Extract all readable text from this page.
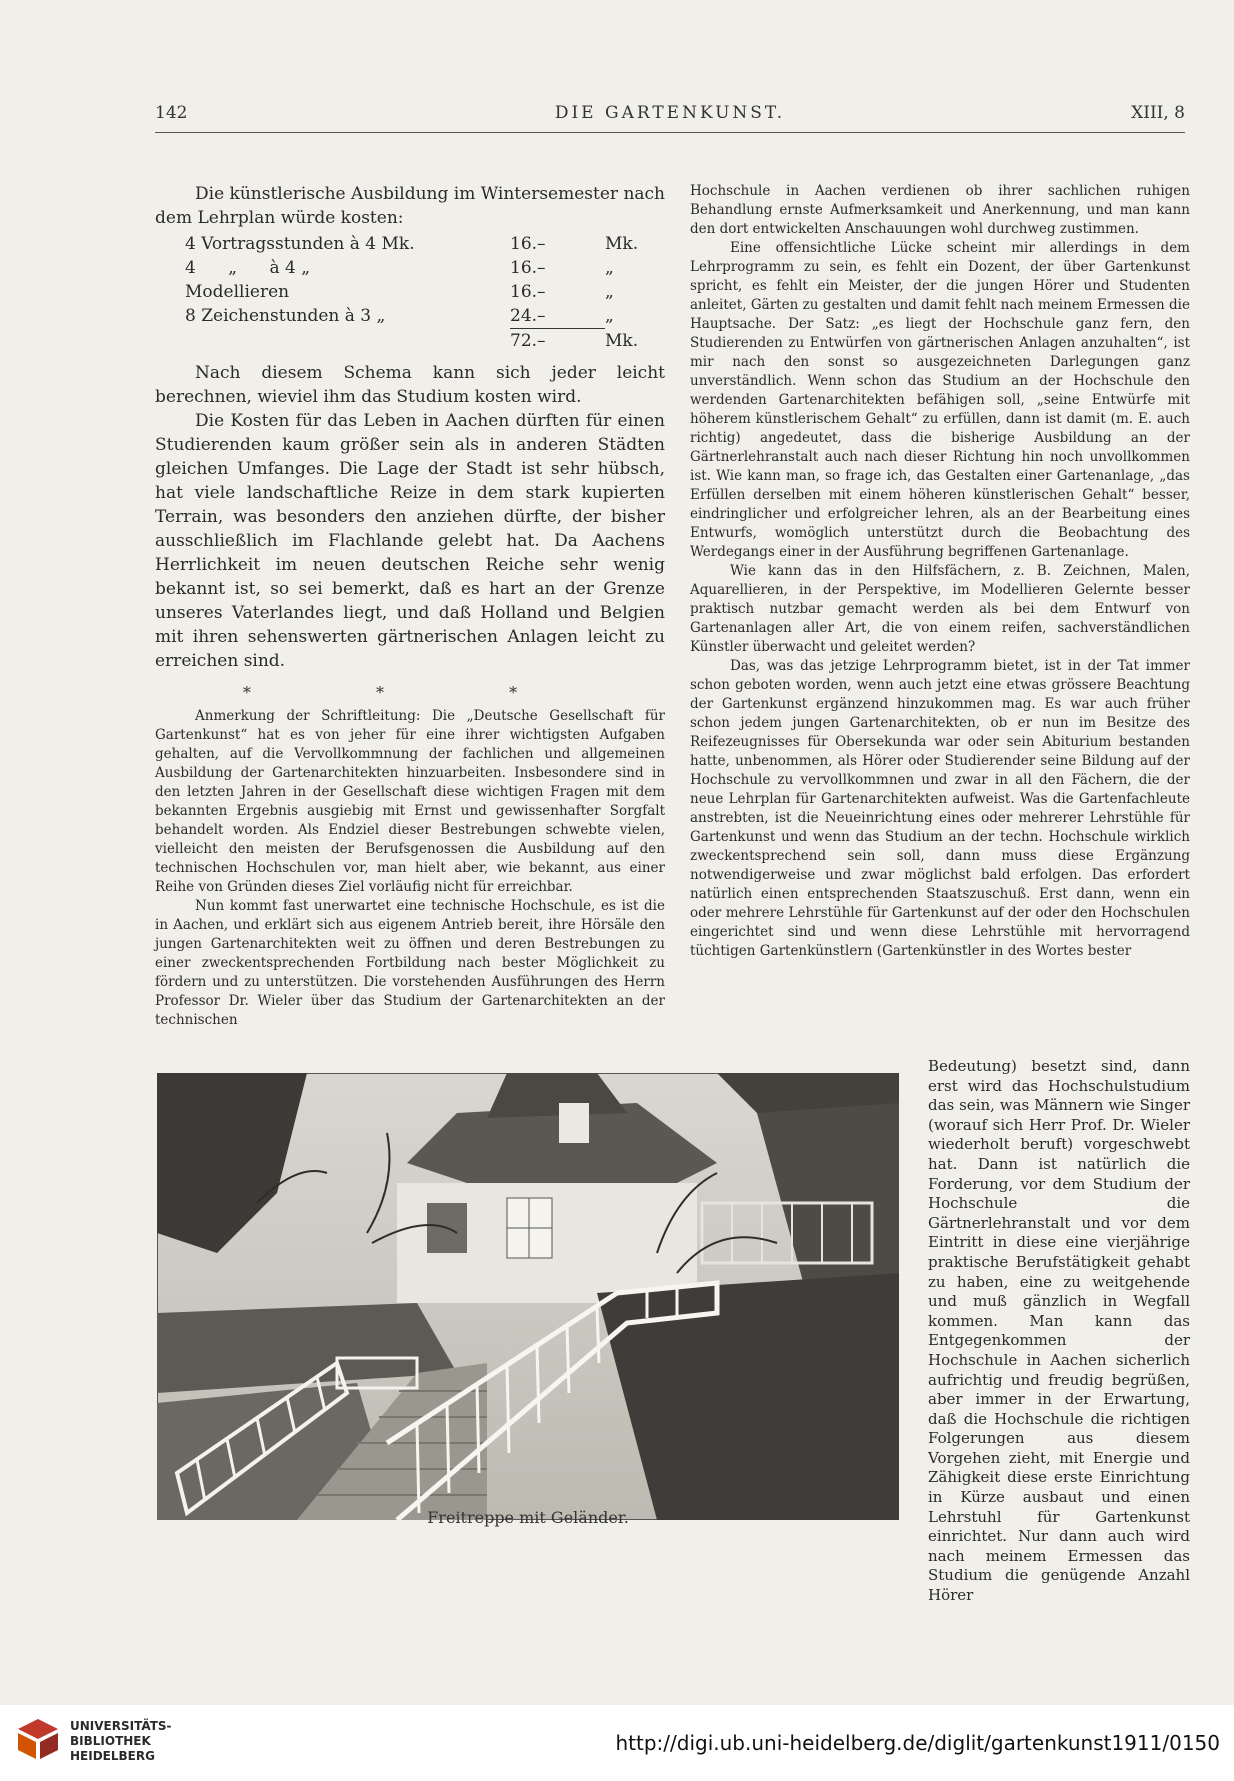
142	DIE GARTENKUNST.	XIII, 8

Die künstlerische Ausbildung im Wintersemester nach dem Lehrplan würde kosten:

4 Vortragsstunden à 4 Mk.	16.–	Mk.
4      „      à 4 „	16.–	„
Modellieren	16.–	„
8 Zeichenstunden à 3 „	24.–	„
	72.–	Mk.

Nach diesem Schema kann sich jeder leicht berechnen, wieviel ihm das Studium kosten wird.

Die Kosten für das Leben in Aachen dürften für einen Studierenden kaum größer sein als in anderen Städten gleichen Umfanges. Die Lage der Stadt ist sehr hübsch, hat viele landschaftliche Reize in dem stark kupierten Terrain, was besonders den anziehen dürfte, der bisher ausschließlich im Flachlande gelebt hat. Da Aachens Herrlichkeit im neuen deutschen Reiche sehr wenig bekannt ist, so sei bemerkt, daß es hart an der Grenze unseres Vaterlandes liegt, und daß Holland und Belgien mit ihren sehenswerten gärtnerischen Anlagen leicht zu erreichen sind.

* * *

Anmerkung der Schriftleitung: Die „Deutsche Gesellschaft für Gartenkunst“ hat es von jeher für eine ihrer wichtigsten Aufgaben gehalten, auf die Vervollkommnung der fachlichen und allgemeinen Ausbildung der Gartenarchitekten hinzuarbeiten. Insbesondere sind in den letzten Jahren in der Gesellschaft diese wichtigen Fragen mit dem bekannten Ergebnis ausgiebig mit Ernst und gewissenhafter Sorgfalt behandelt worden. Als Endziel dieser Bestrebungen schwebte vielen, vielleicht den meisten der Berufsgenossen die Ausbildung auf den technischen Hochschulen vor, man hielt aber, wie bekannt, aus einer Reihe von Gründen dieses Ziel vorläufig nicht für erreichbar.

Nun kommt fast unerwartet eine technische Hochschule, es ist die in Aachen, und erklärt sich aus eigenem Antrieb bereit, ihre Hörsäle den jungen Gartenarchitekten weit zu öffnen und deren Bestrebungen zu einer zweckentsprechenden Fortbildung nach bester Möglichkeit zu fördern und zu unterstützen. Die vorstehenden Ausführungen des Herrn Professor Dr. Wieler über das Studium der Gartenarchitekten an der technischen

Hochschule in Aachen verdienen ob ihrer sachlichen ruhigen Behandlung ernste Aufmerksamkeit und Anerkennung, und man kann den dort entwickelten Anschauungen wohl durchweg zustimmen.

Eine offensichtliche Lücke scheint mir allerdings in dem Lehrprogramm zu sein, es fehlt ein Dozent, der über Gartenkunst spricht, es fehlt ein Meister, der die jungen Hörer und Studenten anleitet, Gärten zu gestalten und damit fehlt nach meinem Ermessen die Hauptsache. Der Satz: „es liegt der Hochschule ganz fern, den Studierenden zu Entwürfen von gärtnerischen Anlagen anzuhalten“, ist mir nach den sonst so ausgezeichneten Darlegungen ganz unverständlich. Wenn schon das Studium an der Hochschule den werdenden Gartenarchitekten befähigen soll, „seine Entwürfe mit höherem künstlerischem Gehalt“ zu erfüllen, dann ist damit (m. E. auch richtig) angedeutet, dass die bisherige Ausbildung an der Gärtnerlehranstalt auch nach dieser Richtung hin noch unvollkommen ist. Wie kann man, so frage ich, das Gestalten einer Gartenanlage, „das Erfüllen derselben mit einem höheren künstlerischen Gehalt“ besser, eindringlicher und erfolgreicher lehren, als an der Bearbeitung eines Entwurfs, womöglich unterstützt durch die Beobachtung des Werdegangs einer in der Ausführung begriffenen Gartenanlage.

Wie kann das in den Hilfsfächern, z. B. Zeichnen, Malen, Aquarellieren, in der Perspektive, im Modellieren Gelernte besser praktisch nutzbar gemacht werden als bei dem Entwurf von Gartenanlagen aller Art, die von einem reifen, sachverständlichen Künstler überwacht und geleitet werden?

Das, was das jetzige Lehrprogramm bietet, ist in der Tat immer schon geboten worden, wenn auch jetzt eine etwas grössere Beachtung der Gartenkunst ergänzend hinzukommen mag. Es war auch früher schon jedem jungen Gartenarchitekten, ob er nun im Besitze des Reifezeugnisses für Obersekunda war oder sein Abiturium bestanden hatte, unbenommen, als Hörer oder Studierender seine Bildung auf der Hochschule zu vervollkommnen und zwar in all den Fächern, die der neue Lehrplan für Gartenarchitekten aufweist. Was die Gartenfachleute anstrebten, ist die Neueinrichtung eines oder mehrerer Lehrstühle für Gartenkunst und wenn das Studium an der techn. Hochschule wirklich zweckentsprechend sein soll, dann muss diese Ergänzung notwendigerweise und zwar möglichst bald erfolgen. Das erfordert natürlich einen entsprechenden Staatszuschuß. Erst dann, wenn ein oder mehrere Lehrstühle für Gartenkunst auf der oder den Hochschulen eingerichtet sind und wenn diese Lehrstühle mit hervorragend tüchtigen Gartenkünstlern (Gartenkünstler in des Wortes bester

Freitreppe mit Geländer.

Bedeutung) besetzt sind, dann erst wird das Hochschulstudium das sein, was Männern wie Singer (worauf sich Herr Prof. Dr. Wieler wiederholt beruft) vorgeschwebt hat. Dann ist natürlich die Forderung, vor dem Studium der Hochschule die Gärtnerlehranstalt und vor dem Eintritt in diese eine vierjährige praktische Berufstätigkeit gehabt zu haben, eine zu weitgehende und muß gänzlich in Wegfall kommen. Man kann das Entgegenkommen der Hochschule in Aachen sicherlich aufrichtig und freudig begrüßen, aber immer in der Erwartung, daß die Hochschule die richtigen Folgerungen aus diesem Vorgehen zieht, mit Energie und Zähigkeit diese erste Einrichtung in Kürze ausbaut und einen Lehrstuhl für Gartenkunst einrichtet. Nur dann auch wird nach meinem Ermessen das Studium die genügende Anzahl Hörer

UNIVERSITÄTS-
BIBLIOTHEK
HEIDELBERG
http://digi.ub.uni-heidelberg.de/diglit/gartenkunst1911/0150
